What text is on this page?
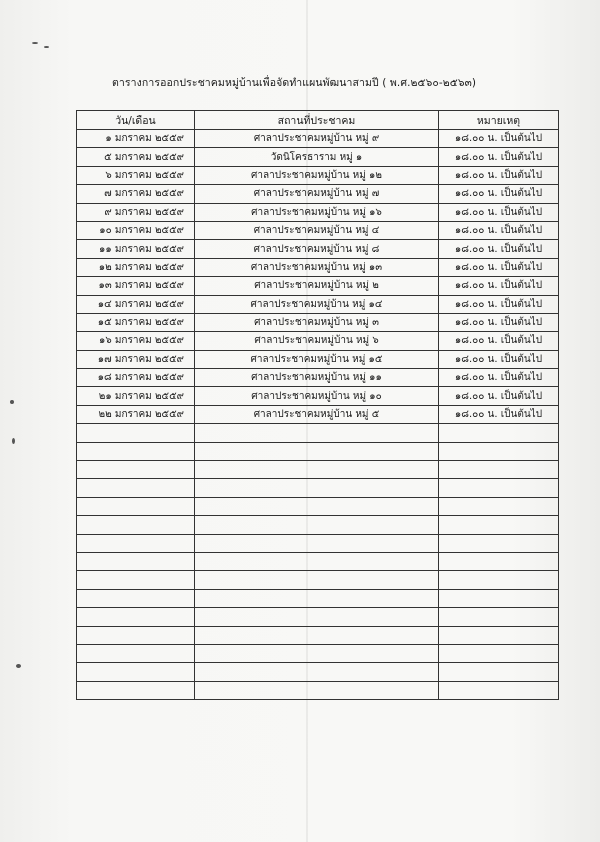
ตารางการออกประชาคมหมู่บ้านเพื่อจัดทำแผนพัฒนาสามปี ( พ.ศ.๒๕๖๐-๒๕๖๓)
วัน/เดือน	สถานที่ประชาคม	หมายเหตุ
๑ มกราคม ๒๕๕๙	ศาลาประชาคมหมู่บ้าน หมู่ ๙	๑๘.๐๐ น. เป็นต้นไป
๕ มกราคม ๒๕๕๙	วัดนิโครธาราม หมู่ ๑	๑๘.๐๐ น. เป็นต้นไป
๖ มกราคม ๒๕๕๙	ศาลาประชาคมหมู่บ้าน หมู่ ๑๒	๑๘.๐๐ น. เป็นต้นไป
๗ มกราคม ๒๕๕๙	ศาลาประชาคมหมู่บ้าน หมู่ ๗	๑๘.๐๐ น. เป็นต้นไป
๙ มกราคม ๒๕๕๙	ศาลาประชาคมหมู่บ้าน หมู่ ๑๖	๑๘.๐๐ น. เป็นต้นไป
๑๐ มกราคม ๒๕๕๙	ศาลาประชาคมหมู่บ้าน หมู่ ๔	๑๘.๐๐ น. เป็นต้นไป
๑๑ มกราคม ๒๕๕๙	ศาลาประชาคมหมู่บ้าน หมู่ ๘	๑๘.๐๐ น. เป็นต้นไป
๑๒ มกราคม ๒๕๕๙	ศาลาประชาคมหมู่บ้าน หมู่ ๑๓	๑๘.๐๐ น. เป็นต้นไป
๑๓ มกราคม ๒๕๕๙	ศาลาประชาคมหมู่บ้าน หมู่ ๒	๑๘.๐๐ น. เป็นต้นไป
๑๔ มกราคม ๒๕๕๙	ศาลาประชาคมหมู่บ้าน หมู่ ๑๔	๑๘.๐๐ น. เป็นต้นไป
๑๕ มกราคม ๒๕๕๙	ศาลาประชาคมหมู่บ้าน หมู่ ๓	๑๘.๐๐ น. เป็นต้นไป
๑๖ มกราคม ๒๕๕๙	ศาลาประชาคมหมู่บ้าน หมู่ ๖	๑๘.๐๐ น. เป็นต้นไป
๑๗ มกราคม ๒๕๕๙	ศาลาประชาคมหมู่บ้าน หมู่ ๑๕	๑๘.๐๐ น. เป็นต้นไป
๑๘ มกราคม ๒๕๕๙	ศาลาประชาคมหมู่บ้าน หมู่ ๑๑	๑๘.๐๐ น. เป็นต้นไป
๒๑ มกราคม ๒๕๕๙	ศาลาประชาคมหมู่บ้าน หมู่ ๑๐	๑๘.๐๐ น. เป็นต้นไป
๒๒ มกราคม ๒๕๕๙	ศาลาประชาคมหมู่บ้าน หมู่ ๕	๑๘.๐๐ น. เป็นต้นไป
